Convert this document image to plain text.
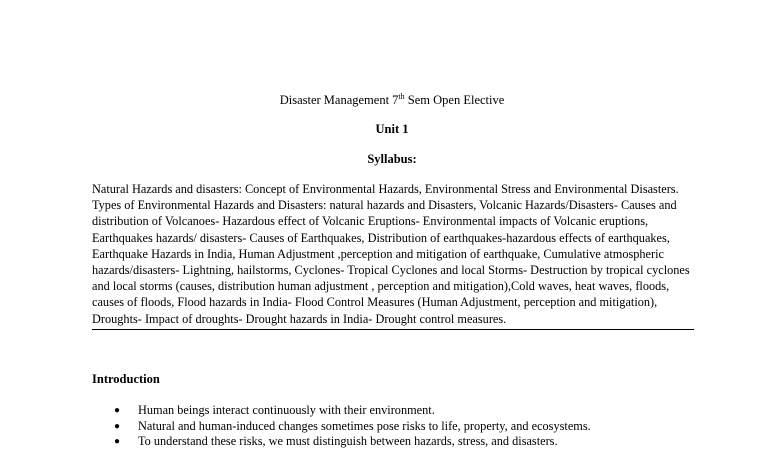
Disaster Management 7th Sem Open Elective
Unit 1
Syllabus:
Natural Hazards and disasters: Concept of Environmental Hazards, Environmental Stress and Environmental Disasters. Types of Environmental Hazards and Disasters: natural hazards and Disasters, Volcanic Hazards/Disasters- Causes and distribution of Volcanoes- Hazardous effect of Volcanic Eruptions- Environmental impacts of Volcanic eruptions, Earthquakes hazards/ disasters- Causes of Earthquakes, Distribution of earthquakes-hazardous effects of earthquakes, Earthquake Hazards in India, Human Adjustment ,perception and mitigation of earthquake, Cumulative atmospheric hazards/disasters- Lightning, hailstorms, Cyclones- Tropical Cyclones and local Storms- Destruction by tropical cyclones and local storms (causes, distribution human adjustment , perception and mitigation),Cold waves, heat waves, floods, causes of floods, Flood hazards in India- Flood Control Measures (Human Adjustment, perception and mitigation), Droughts- Impact of droughts- Drought hazards in India- Drought control measures.
Introduction
● Human beings interact continuously with their environment.
● Natural and human-induced changes sometimes pose risks to life, property, and ecosystems.
● To understand these risks, we must distinguish between hazards, stress, and disasters.
